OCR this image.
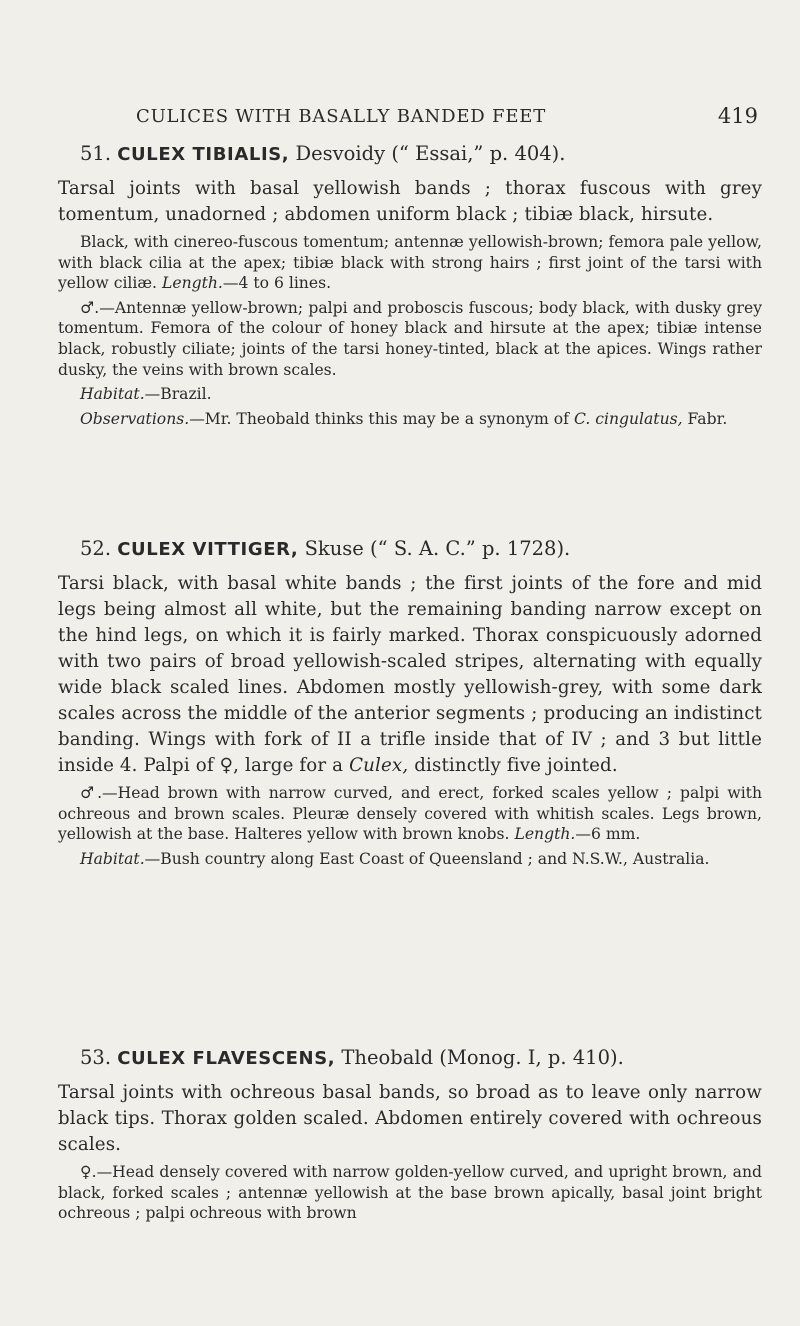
CULICES WITH BASALLY BANDED FEET	419

51. CULEX TIBIALIS, Desvoidy (“ Essai,” p. 404).

Tarsal joints with basal yellowish bands ; thorax fuscous with grey tomentum, unadorned ; abdomen uniform black ; tibiæ black, hirsute.

Black, with cinereo-fuscous tomentum; antennæ yellowish-brown; femora pale yellow, with black cilia at the apex; tibiæ black with strong hairs ; first joint of the tarsi with yellow ciliæ. Length.—4 to 6 lines.

♂.—Antennæ yellow-brown; palpi and proboscis fuscous; body black, with dusky grey tomentum. Femora of the colour of honey black and hirsute at the apex; tibiæ intense black, robustly ciliate; joints of the tarsi honey-tinted, black at the apices. Wings rather dusky, the veins with brown scales.

Habitat.—Brazil.

Observations.—Mr. Theobald thinks this may be a synonym of C. cingulatus, Fabr.

52. CULEX VITTIGER, Skuse (“ S. A. C.” p. 1728).

Tarsi black, with basal white bands ; the first joints of the fore and mid legs being almost all white, but the remaining banding narrow except on the hind legs, on which it is fairly marked. Thorax conspicuously adorned with two pairs of broad yellowish-scaled stripes, alternating with equally wide black scaled lines. Abdomen mostly yellowish-grey, with some dark scales across the middle of the anterior segments ; producing an indistinct banding. Wings with fork of II a trifle inside that of IV ; and 3 but little inside 4. Palpi of ♀, large for a Culex, distinctly five jointed.

♂.—Head brown with narrow curved, and erect, forked scales yellow ; palpi with ochreous and brown scales. Pleuræ densely covered with whitish scales. Legs brown, yellowish at the base. Halteres yellow with brown knobs. Length.—6 mm.

Habitat.—Bush country along East Coast of Queensland ; and N.S.W., Australia.

53. CULEX FLAVESCENS, Theobald (Monog. I, p. 410).

Tarsal joints with ochreous basal bands, so broad as to leave only narrow black tips. Thorax golden scaled. Abdomen entirely covered with ochreous scales.

♀.—Head densely covered with narrow golden-yellow curved, and upright brown, and black, forked scales ; antennæ yellowish at the base brown apically, basal joint bright ochreous ; palpi ochreous with brown
